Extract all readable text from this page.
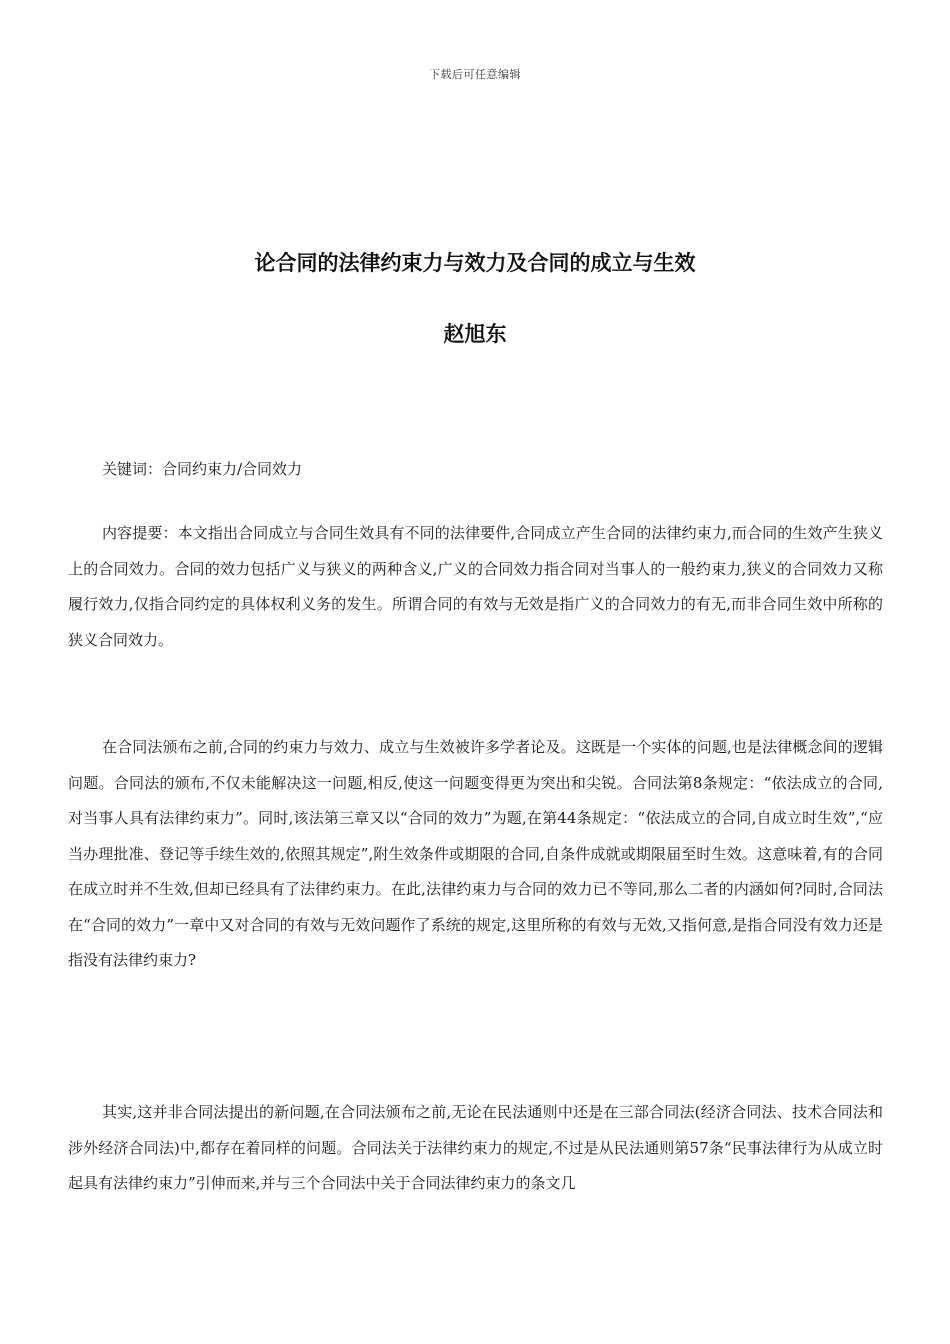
下载后可任意编辑
论合同的法律约束力与效力及合同的成立与生效
赵旭东

关键词：合同约束力/合同效力

内容提要：本文指出合同成立与合同生效具有不同的法律要件,合同成立产生合同的法律约束力,而合同的生效产生狭义上的合同效力。合同的效力包括广义与狭义的两种含义,广义的合同效力指合同对当事人的一般约束力,狭义的合同效力又称履行效力,仅指合同约定的具体权利义务的发生。所谓合同的有效与无效是指广义的合同效力的有无,而非合同生效中所称的狭义合同效力。

在合同法颁布之前,合同的约束力与效力、成立与生效被许多学者论及。这既是一个实体的问题,也是法律概念间的逻辑问题。合同法的颁布,不仅未能解决这一问题,相反,使这一问题变得更为突出和尖锐。合同法第8条规定：“依法成立的合同,对当事人具有法律约束力”。同时,该法第三章又以“合同的效力”为题,在第44条规定：“依法成立的合同,自成立时生效”,“应当办理批准、登记等手续生效的,依照其规定”,附生效条件或期限的合同,自条件成就或期限届至时生效。这意味着,有的合同在成立时并不生效,但却已经具有了法律约束力。在此,法律约束力与合同的效力已不等同,那么二者的内涵如何?同时,合同法在“合同的效力”一章中又对合同的有效与无效问题作了系统的规定,这里所称的有效与无效,又指何意,是指合同没有效力还是指没有法律约束力?

其实,这并非合同法提出的新问题,在合同法颁布之前,无论在民法通则中还是在三部合同法(经济合同法、技术合同法和涉外经济合同法)中,都存在着同样的问题。合同法关于法律约束力的规定,不过是从民法通则第57条“民事法律行为从成立时起具有法律约束力”引伸而来,并与三个合同法中关于合同法律约束力的条文几
